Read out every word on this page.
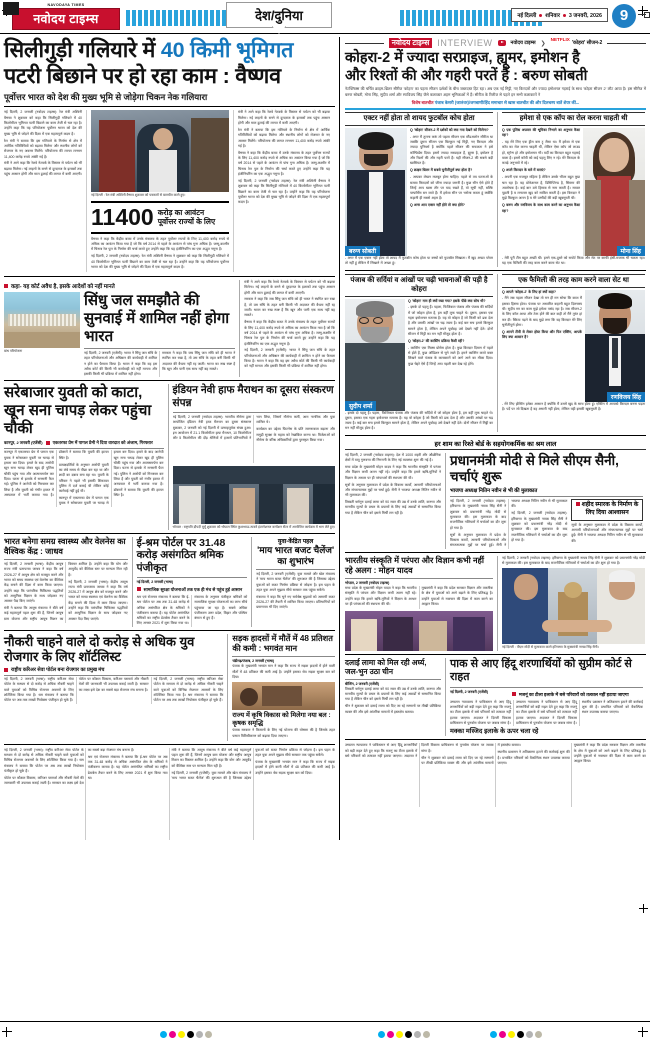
NAVODAYA TIMES
नवोदय टाइम्स	देश/दुनिया	नई दिल्ली शनिवार 3 जनवरी, 2026	9
सिलीगुड़ी गलियारे में 40 किमी भूमिगत
पटरी बिछाने पर हो रहा काम : वैष्णव
पूर्वोत्तर भारत को देश की मुख्य भूमि से जोड़ेगा चिकन नेक गलियारा

नई दिल्ली, 2 जनवरी (नवोदय टाइम्स): रेल मंत्री अश्विनी वैष्णव ने शुक्रवार को कहा कि सिलीगुड़ी गलियारे में 40 किलोमीटर भूमिगत पटरी बिछाने का काम तेजी से चल रहा है। उन्होंने कहा कि यह परियोजना पूर्वोत्तर भारत को देश की मुख्य भूमि से जोड़ने की दिशा में एक महत्वपूर्ण कदम है।

रेल मंत्री ने बताया कि इस गलियारे के निर्माण से क्षेत्र में आर्थिक गतिविधियों को बढ़ावा मिलेगा और स्थानीय लोगों को रोजगार के नए अवसर मिलेंगे। परियोजना की लागत लगभग 11,400 करोड़ रुपये आंकी गई है।

मंत्री ने आगे कहा कि रेलवे नेटवर्क के विस्तार से पर्यटन को भी बढ़ावा मिलेगा। नई लाइनों के बनने से दूरदराज के इलाकों तक पहुंच आसान होगी और माल ढुलाई की लागत में कमी आएगी।

नई दिल्ली : रेल मंत्री अश्विनी वैष्णव शुक्रवार को पत्रकारों से बातचीत करते हुए।
11400 करोड़ का आवंटन
पूर्वोत्तर राज्यों के लिए

वैष्णव ने कहा कि केंद्रीय बजट में उनके मंत्रालय के तहत पूर्वोत्तर राज्यों के लिए 11,400 करोड़ रुपये से अधिक का आवंटन किया गया है जो कि वर्ष 2014 से पहले के आवंटन से पांच गुना अधिक है। जम्मू-कश्मीर में चिनाब रेल पुल के निर्माण की चर्चा करते हुए उन्होंने कहा कि यह इंजीनियरिंग का एक अद्भुत नमूना है।

नई दिल्ली, 2 जनवरी (नवोदय टाइम्स): रेल मंत्री अश्विनी वैष्णव ने शुक्रवार को कहा कि सिलीगुड़ी गलियारे में 40 किलोमीटर भूमिगत पटरी बिछाने का काम तेजी से चल रहा है। उन्होंने कहा कि यह परियोजना पूर्वोत्तर भारत को देश की मुख्य भूमि से जोड़ने की दिशा में एक महत्वपूर्ण कदम है।

मंत्री ने आगे कहा कि रेलवे नेटवर्क के विस्तार से पर्यटन को भी बढ़ावा मिलेगा। नई लाइनों के बनने से दूरदराज के इलाकों तक पहुंच आसान होगी और माल ढुलाई की लागत में कमी आएगी।

रेल मंत्री ने बताया कि इस गलियारे के निर्माण से क्षेत्र में आर्थिक गतिविधियों को बढ़ावा मिलेगा और स्थानीय लोगों को रोजगार के नए अवसर मिलेंगे। परियोजना की लागत लगभग 11,400 करोड़ रुपये आंकी गई है।

वैष्णव ने कहा कि केंद्रीय बजट में उनके मंत्रालय के तहत पूर्वोत्तर राज्यों के लिए 11,400 करोड़ रुपये से अधिक का आवंटन किया गया है जो कि वर्ष 2014 से पहले के आवंटन से पांच गुना अधिक है। जम्मू-कश्मीर में चिनाब रेल पुल के निर्माण की चर्चा करते हुए उन्होंने कहा कि यह इंजीनियरिंग का एक अद्भुत नमूना है।

नई दिल्ली, 2 जनवरी (नवोदय टाइम्स): रेल मंत्री अश्विनी वैष्णव ने शुक्रवार को कहा कि सिलीगुड़ी गलियारे में 40 किलोमीटर भूमिगत पटरी बिछाने का काम तेजी से चल रहा है। उन्होंने कहा कि यह परियोजना पूर्वोत्तर भारत को देश की मुख्य भूमि से जोड़ने की दिशा में एक महत्वपूर्ण कदम है।

कहा- यह कोर्ट अवैध है, इसके आदेशों को नहीं मानते
बांध परियोजना
सिंधु जल समझौते की सुनवाई में शामिल नहीं होगा भारत

नई दिल्ली, 2 जनवरी (एजेंसी): भारत ने सिंधु जल संधि के तहत परियोजनाओं और अधिष्ठान की कार्यवाही में शामिल न होने का फैसला किया है। भारत ने कहा कि वह इस अवैध कोर्ट की किसी भी कार्यवाही को नहीं मानता और इसकी किसी भी प्रक्रिया में शामिल नहीं होगा।

सरकार ने कहा कि जब सिंधु जल संधि को ही भारत ने स्थगित कर रखा है, तो उस संधि के तहत बनी किसी भी अदालत की वैधता नहीं रह जाती। भारत का रुख स्पष्ट है कि खून और पानी एक साथ नहीं बह सकते।

मंत्री ने आगे कहा कि रेलवे नेटवर्क के विस्तार से पर्यटन को भी बढ़ावा मिलेगा। नई लाइनों के बनने से दूरदराज के इलाकों तक पहुंच आसान होगी और माल ढुलाई की लागत में कमी आएगी।

सरकार ने कहा कि जब सिंधु जल संधि को ही भारत ने स्थगित कर रखा है, तो उस संधि के तहत बनी किसी भी अदालत की वैधता नहीं रह जाती। भारत का रुख स्पष्ट है कि खून और पानी एक साथ नहीं बह सकते।

वैष्णव ने कहा कि केंद्रीय बजट में उनके मंत्रालय के तहत पूर्वोत्तर राज्यों के लिए 11,400 करोड़ रुपये से अधिक का आवंटन किया गया है जो कि वर्ष 2014 से पहले के आवंटन से पांच गुना अधिक है। जम्मू-कश्मीर में चिनाब रेल पुल के निर्माण की चर्चा करते हुए उन्होंने कहा कि यह इंजीनियरिंग का एक अद्भुत नमूना है।

नई दिल्ली, 2 जनवरी (एजेंसी): भारत ने सिंधु जल संधि के तहत परियोजनाओं और अधिष्ठान की कार्यवाही में शामिल न होने का फैसला किया है। भारत ने कहा कि वह इस अवैध कोर्ट की किसी भी कार्यवाही को नहीं मानता और इसकी किसी भी प्रक्रिया में शामिल नहीं होगा।

सरेबाजार युवती को काटा, खून सना चापड़ लेकर पहुंचा चौकी
कानपुर, 2 जनवरी (एजेंसी) एकतरफा प्रेम में पागल प्रेमी ने दिया वारदात को अंजाम, गिरफ्तार

कानपुर में एकतरफा प्रेम में पागल एक युवक ने सरेबाजार युवती पर चापड़ से हमला कर दिया। हमले के बाद आरोपी खून सना चापड़ लेकर खुद ही पुलिस चौकी पहुंच गया और आत्मसमर्पण कर दिया। घटना से इलाके में सनसनी फैल गई। पुलिस ने आरोपी को गिरफ्तार कर लिया है और युवती को गंभीर हालत में अस्पताल में भर्ती कराया गया है। डॉक्टरों ने बताया कि युवती की हालत स्थिर है।

प्रत्यक्षदर्शियों के अनुसार आरोपी युवती का लंबे समय से पीछा कर रहा था और शादी का दबाव बना रहा था। युवती के परिवार ने पहले भी इसकी शिकायत पुलिस में दर्ज कराई थी लेकिन कोई कार्रवाई नहीं हुई थी।

कानपुर में एकतरफा प्रेम में पागल एक युवक ने सरेबाजार युवती पर चापड़ से हमला कर दिया। हमले के बाद आरोपी खून सना चापड़ लेकर खुद ही पुलिस चौकी पहुंच गया और आत्मसमर्पण कर दिया। घटना से इलाके में सनसनी फैल गई। पुलिस ने आरोपी को गिरफ्तार कर लिया है और युवती को गंभीर हालत में अस्पताल में भर्ती कराया गया है। डॉक्टरों ने बताया कि युवती की हालत स्थिर है।

इंडियन नेवी हाफ मैराथन का दूसरा संस्करण संपन्न

नई दिल्ली, 2 जनवरी (नवोदय टाइम्स): भारतीय नौसेना द्वारा आयोजित इंडियन नेवी हाफ मैराथन का दूसरा संस्करण शुक्रवार, 2 जनवरी को नई दिल्ली में उत्साहपूर्वक संपन्न हुआ। इस आयोजन में 21.1 किलोमीटर हाफ मैराथन, 10 किलोमीटर और 5 किलोमीटर की दौड़ श्रेणियों में हजारों प्रतिभागियों ने भाग लिया, जिसमें नौसेना कर्मी, आम नागरिक और युवा शामिल थे।

कार्यक्रम का उद्देश्य फिटनेस के प्रति जागरूकता बढ़ाना और समुद्री सुरक्षा के महत्व को रेखांकित करना था। विजेताओं को नौसेना के वरिष्ठ अधिकारियों द्वारा पुरस्कृत किया गया।

भोपाल : राष्ट्रपति द्रौपदी मुर्मू शुक्रवार को भोपाल स्थित कुशाभाऊ ठाकरे इंटरनेशनल कन्वेंशन सेंटर में आयोजित कार्यक्रम में भाग लेते हुए।
भारत बनेगा समग्र स्वास्थ्य और वेलनेस का वैश्विक केंद्र : जाधव

नई दिल्ली, 2 जनवरी (भाषा): केंद्रीय आयुष राज्य मंत्री प्रतापराव जाधव ने कहा कि वर्ष 2026-27 में आयुष क्षेत्र को मजबूत करने और भारत को समग्र स्वास्थ्य एवं वेलनेस का वैश्विक केंद्र बनाने की दिशा में काम किया जाएगा। उन्होंने कहा कि पारंपरिक चिकित्सा पद्धतियों को आधुनिक विज्ञान के साथ जोड़कर नए अवसर पैदा किए जाएंगे।

मंत्री ने बताया कि आयुष मंत्रालय ने बीते वर्ष कई महत्वपूर्ण पहल शुरू की हैं, जिनमें आयुष ग्राम योजना और राष्ट्रीय आयुष मिशन का विस्तार शामिल है। उन्होंने कहा कि योग और आयुर्वेद को वैश्विक स्तर पर मान्यता मिल रही है।

नई दिल्ली, 2 जनवरी (भाषा): केंद्रीय आयुष राज्य मंत्री प्रतापराव जाधव ने कहा कि वर्ष 2026-27 में आयुष क्षेत्र को मजबूत करने और भारत को समग्र स्वास्थ्य एवं वेलनेस का वैश्विक केंद्र बनाने की दिशा में काम किया जाएगा। उन्होंने कहा कि पारंपरिक चिकित्सा पद्धतियों को आधुनिक विज्ञान के साथ जोड़कर नए अवसर पैदा किए जाएंगे।

ई-श्रम पोर्टल पर 31.48 करोड़ असंगठित श्रमिक पंजीकृत
नई दिल्ली, 2 जनवरी (भाषा)
सामाजिक सुरक्षा योजनाओं तक एक ही मंच से पहुंच हुई आसान

श्रम एवं रोजगार मंत्रालय ने बताया कि ई-श्रम पोर्टल पर अब तक 31.48 करोड़ से अधिक असंगठित क्षेत्र के श्रमिकों ने पंजीकरण कराया है। यह पोर्टल असंगठित श्रमिकों का राष्ट्रीय डेटाबेस तैयार करने के लिए अगस्त 2021 में शुरू किया गया था।

मंत्रालय के अनुसार पंजीकृत श्रमिकों को सामाजिक सुरक्षा योजनाओं का लाभ सीधे पहुंचाया जा रहा है। सबसे अधिक पंजीकरण उत्तर प्रदेश, बिहार और पश्चिम बंगाल से हुए हैं।

युवा-केंद्रित पहल
'माय भारत बजट चैलेंज' का शुभारंभ

नई दिल्ली, 2 जनवरी (एजेंसी): युवा मामले और खेल मंत्रालय ने 'माय भारत बजट चैलेंज' की शुरुआत की है जिसका उद्देश्य युवाओं को बजट निर्माण प्रक्रिया से जोड़ना है। इस पहल के तहत युवा अपने सुझाव सीधे सरकार तक पहुंचा सकेंगे।

मंत्रालय ने कहा कि चुने गए सर्वश्रेष्ठ सुझावों को आगामी बजट 2026-27 की तैयारी में शामिल किया जाएगा। प्रतिभागियों को प्रमाणपत्र भी दिए जाएंगे।

नौकरी चाहने वाले दो करोड़ से अधिक युव रोजगार के लिए शॉर्टलिस्ट
राष्ट्रीय करिअर सेवा पोर्टल बना रोजगार का प्रमुख मंच

नई दिल्ली, 2 जनवरी (भाषा): राष्ट्रीय करिअर सेवा पोर्टल के माध्यम से दो करोड़ से अधिक नौकरी चाहने वाले युवाओं को विभिन्न रोजगार अवसरों के लिए शॉर्टलिस्ट किया गया है। श्रम मंत्रालय ने बताया कि पोर्टल पर अब तक लाखों नियोक्ता पंजीकृत हो चुके हैं।

पोर्टल पर कौशल विकास, करिअर परामर्श और नौकरी मेलों की जानकारी भी उपलब्ध कराई जाती है। सरकार का लक्ष्य इसे देश का सबसे बड़ा रोजगार मंच बनाना है।

नई दिल्ली, 2 जनवरी (भाषा): राष्ट्रीय करिअर सेवा पोर्टल के माध्यम से दो करोड़ से अधिक नौकरी चाहने वाले युवाओं को विभिन्न रोजगार अवसरों के लिए शॉर्टलिस्ट किया गया है। श्रम मंत्रालय ने बताया कि पोर्टल पर अब तक लाखों नियोक्ता पंजीकृत हो चुके हैं।

सड़क हादसों में मौतें में 48 प्रतिशत की कमी : भगवंत मान
चंडीगढ़/पंजाब, 2 जनवरी (भाषा)

पंजाब के मुख्यमंत्री भगवंत मान ने कहा कि राज्य में सड़क हादसों में होने वाली मौतों में 48 प्रतिशत की कमी आई है। उन्होंने इसका श्रेय सड़क सुरक्षा बल को दिया।

राज्य में कृषि विकास को मिलेगा नया बल : कृषक समृद्धि

पंजाब सरकार ने किसानों के लिए नई योजना की घोषणा की है जिसके तहत फसल विविधीकरण को बढ़ावा दिया जाएगा।

नई दिल्ली, 2 जनवरी (भाषा): राष्ट्रीय करिअर सेवा पोर्टल के माध्यम से दो करोड़ से अधिक नौकरी चाहने वाले युवाओं को विभिन्न रोजगार अवसरों के लिए शॉर्टलिस्ट किया गया है। श्रम मंत्रालय ने बताया कि पोर्टल पर अब तक लाखों नियोक्ता पंजीकृत हो चुके हैं।

पोर्टल पर कौशल विकास, करिअर परामर्श और नौकरी मेलों की जानकारी भी उपलब्ध कराई जाती है। सरकार का लक्ष्य इसे देश का सबसे बड़ा रोजगार मंच बनाना है।

श्रम एवं रोजगार मंत्रालय ने बताया कि ई-श्रम पोर्टल पर अब तक 31.48 करोड़ से अधिक असंगठित क्षेत्र के श्रमिकों ने पंजीकरण कराया है। यह पोर्टल असंगठित श्रमिकों का राष्ट्रीय डेटाबेस तैयार करने के लिए अगस्त 2021 में शुरू किया गया था।

मंत्री ने बताया कि आयुष मंत्रालय ने बीते वर्ष कई महत्वपूर्ण पहल शुरू की हैं, जिनमें आयुष ग्राम योजना और राष्ट्रीय आयुष मिशन का विस्तार शामिल है। उन्होंने कहा कि योग और आयुर्वेद को वैश्विक स्तर पर मान्यता मिल रही है।

नई दिल्ली, 2 जनवरी (एजेंसी): युवा मामले और खेल मंत्रालय ने 'माय भारत बजट चैलेंज' की शुरुआत की है जिसका उद्देश्य युवाओं को बजट निर्माण प्रक्रिया से जोड़ना है। इस पहल के तहत युवा अपने सुझाव सीधे सरकार तक पहुंचा सकेंगे।

पंजाब के मुख्यमंत्री भगवंत मान ने कहा कि राज्य में सड़क हादसों में होने वाली मौतों में 48 प्रतिशत की कमी आई है। उन्होंने इसका श्रेय सड़क सुरक्षा बल को दिया।

नवोदय टाइम्स INTERVIEW	नवोदय टाइम्स ❯
NETFLIX
'कोहरा' सीजन-2
कोहरा-2 में ज्यादा सरप्राइज, ह्यूमर, इमोशन है
और रिश्तों की और गहरी परतें हैं : बरुण सोबती
नेटफ्लिक्स की चर्चित क्राइम-थ्रिलर सीरीज 'कोहरा' का पहला सीजन दर्शकों के बीच जबरदस्त हिट रहा। अब एक नई मिट्टी, नए किरदारों और ज्यादा इमोशनल गहराई के साथ 'कोहरा सीजन 2' लौट आया है। इस सीरीज में बरुण सोबती, मोना सिंह, सुदीप शर्मा और रणविजय सिंह जैसे कलाकार अहम भूमिकाओं में हैं। सीरीज के रिलीज से पहले इन सभी कलाकारों ने
विशेष बातचीत पंजाब केसरी (जालंधर)/जगबाणी/हिंद समाचार से खास बातचीत की और दिलचस्प बातें शेयर कीं...
एक्टर नहीं होता तो शायद फुटबॉल कोच होता
बरुण सोबती

Q 'कोहरा' सीजन-2 में दर्शकों को क्या नया देखने को मिलेगा?

- अगर मैं तुलना करूं तो पहला सीजन एक स्टैंडअलोन सीरीज था जबकि दूसरा सीजन एक बिल्कुल नई मिट्टी, नए किरदार और ज्यादा युनिवर्स है क्योंकि पहले सीजन की सफलता ने इसे कॉन्फिडेंस दिया। इसमें ज्यादा सरप्राइज हैं, ह्यूमर है, इमोशन है और रिश्तों की और गहरी परतें हैं। यही सीजन-2 की सबसे बड़ी खासियत है।

Q क्राइम थ्रिलर में सबसे चुनौतीपूर्ण क्या होता है?

- आपका लेखन मजबूत होना चाहिए। पहले से तय घटनाओं के बजाय किरदारों को जीना ज्यादा जरूरी है। कुछ सीन ऐसे होते हैं जिन्हें आप खास तौर पर याद रखते हैं, वो सूची नहीं, बल्कि परफॉर्मेंस बन जाते हैं। मैं हमेशा सीन पर भरोसा करता हूं क्योंकि कहानी ही सबसे अहम है।

Q अगर आप एक्टर नहीं होते तो क्या होते?

- अगर मैं एक एक्टर नहीं होता तो शायद मैं फुटबॉल कोच होता या बच्चों को फुटबॉल सिखाता। मैं खुद अच्छा प्लेयर तो नहीं हूं लेकिन मैं सिखाने में अच्छा हूं।
हमेशा से एक कॉप का रोल करना चाहती थी

Q एक पुलिस अफसर की भूमिका निभाने का अनुभव कैसा रहा?

- यह मेरे लिए एक ड्रीम कम ट्रू जैसा था। मैं हमेशा से एक कॉप का रोल करना चाहती थी, लेकिन ऐसा कॉप जो लाउड हो, स्ट्रॉन्ग हो और इमोशनल भी। वर्दी का किरदार बहुत गहराई वाला है। इसमें कॉपी को कई पहलू लिए न रहे। मेरे किरदार के कपड़े अनुभवों में रहे।

Q अपने किरदार के बारे में बताएं?

- अपनी एक मजबूत महिला है लेकिन उसके भीतर बहुत कुछ चल रहा है। वह प्रोफेशनल है, डिसिप्लिन्ड है, सिस्टम की आलोचक है। कई बार उसे हिसाब से नाम करती है। सवाल पूछती है व लगातार खुद को साबित करती है। इस किरदार ने मुझे बिल्कुल अलग है व मेरे उम्मीदों की बड़ी खूबसूरती थी।

Q बरुण और रणविजय के साथ काम करने का अनुभव कैसा रहा?

मोना सिंह
- मेरी पूरी टीम बहुत अच्छी थी। हमने एक-दूसरे को सपोर्ट किया और सेट पर काफी हंसी-मजाक भी चलता रहा। यह एक फैमिली की तरह काम करने वाला सेट था।
पंजाब की सर्दियां व आंखों पर चढ़ी भावनाओं की पड़ी है कोहरा
सुदीप शर्मा

Q 'कोहरा' नाम ही क्यों रखा गया? इसके पीछे क्या सोच थी?

- इसके दो पहलू हैं। पहला, फिजिकल पंजाब और पंजाब की सर्दियों में जो कोहरा होता है, हम वहीं लुक चाहते थे। दूसरा, इसका एक गहरा इमोशनल मतलब है। यह वो कोहरा है जो किसी को ढक देता है और उसकी आंखों पर चढ़ जाता है। कई बार सच हमारे बिल्कुल सामने होता है, लेकिन अपने पूर्वाग्रह उसे देखने नहीं देते। दोनों सीजन में मिट्टी का मन नहीं मौजूद होता है।

Q 'कोहरा-2' की कास्टिंग प्रक्रिया कैसी रही?

- कास्टिंग एक मिक्स प्रोसेस होता है। कुछ किरदार दिमाग में पहले से होते हैं, कुछ ऑडिशन से चुने जाते हैं। हमने कास्टिंग करते वक्त लिखने वाले पंजाब के कलाकारों को आगे आने का मौका दिया। कुछ चेहरे ऐसे हैं जिन्हें आप पहली बार देख रहे होंगे।

- इसके दो पहलू हैं। पहला, फिजिकल पंजाब और पंजाब की सर्दियों में जो कोहरा होता है, हम वहीं लुक चाहते थे। दूसरा, इसका एक गहरा इमोशनल मतलब है। यह वो कोहरा है जो किसी को ढक देता है और उसकी आंखों पर चढ़ जाता है। कई बार सच हमारे बिल्कुल सामने होता है, लेकिन अपने पूर्वाग्रह उसे देखने नहीं देते। दोनों सीजन में मिट्टी का मन नहीं मौजूद होता है।
एक फैमिली की तरह काम करने वाला सेट था

Q आपने 'कोहरा-2' के लिए हां क्यों कहा?

- मैंने जब पहला सीजन देखा तो मन ही मन सोचा कि काश मैं इसका हिस्सा होता। पंजाब पर आधारित कहानी बहुत दिलचस्प थी। सुदीप सर का काम मुझे हमेशा पसंद रहा है। जब सीजन-2 के लिए कॉल आया और टेस्ट होने की बात कही तो मैंने तुरंत हां कर दी। स्क्रिप्ट पढ़ने के बाद मुझे लगा कि यह किरदार मेरे लिए चुनौतीपूर्ण होगा।

Q आपने टीवी से लेकर होस्ट किया और फिर एक्टिंग, आपके लिए क्या आसान है?

रणविजय सिंह
- मेरे लिए होस्टिंग हमेशा आसान है क्योंकि मैं उसमें खुद के साथ होता हूं। एक्टिंग में आपको किरदार बनना पड़ता है। पर्दे पर जो दिखता है वह असली नहीं होता, लेकिन यही इसकी खूबसूरती है।
हर शाम का रिश्ते बोर्ड के सहयोगकर्मिक का श्रम लाल

नई दिल्ली, 2 जनवरी (नवोदय टाइम्स): देश में 1000 शहरी और औद्योगिक क्षेत्रों में वायु गुणवत्ता की निगरानी के लिए नई व्यवस्था शुरू की गई है।

मध्य प्रदेश के मुख्यमंत्री मोहन यादव ने कहा कि भारतीय संस्कृति में परंपरा और विज्ञान कभी अलग नहीं रहे। उन्होंने कहा कि हमारे ऋषि-मुनियों ने विज्ञान के आधार पर ही परंपराओं की स्थापना की थी।

सूत्रों के अनुसार मुलाकात में प्रदेश के विकास कार्यों, आगामी परियोजनाओं और संगठनात्मक मुद्दों पर चर्चा हुई। सैनी ने भाजपा अध्यक्ष नितिन नवीन से भी मुलाकात की।

तिब्बती धर्मगुरु दलाई लामा को 90 साल की उम्र में उनके शांति, करुणा और मानवीय मूल्यों के प्रचार के प्रयासों के लिए कई अवार्डों से सम्मानित किया गया है लेकिन चीन को इससे मिर्ची लग रही है।

प्रधानमंत्री मोदी से मिले सीएम सैनी, चर्चाएं शुरू
भाजपा अध्यक्ष नितिन नवीन से भी की मुलाकात

नई दिल्ली, 2 जनवरी (नवोदय टाइम्स): हरियाणा के मुख्यमंत्री नायब सिंह सैनी ने शुक्रवार को प्रधानमंत्री नरेंद्र मोदी से मुलाकात की। इस मुलाकात के बाद राजनीतिक गलियारों में चर्चाओं का दौर शुरू हो गया है।

सूत्रों के अनुसार मुलाकात में प्रदेश के विकास कार्यों, आगामी परियोजनाओं और संगठनात्मक मुद्दों पर चर्चा हुई। सैनी ने भाजपा अध्यक्ष नितिन नवीन से भी मुलाकात की।

नई दिल्ली, 2 जनवरी (नवोदय टाइम्स): हरियाणा के मुख्यमंत्री नायब सिंह सैनी ने शुक्रवार को प्रधानमंत्री नरेंद्र मोदी से मुलाकात की। इस मुलाकात के बाद राजनीतिक गलियारों में चर्चाओं का दौर शुरू हो गया है।

शहीद स्मारक के निर्माण के लिए दिया आश्वासन

सूत्रों के अनुसार मुलाकात में प्रदेश के विकास कार्यों, आगामी परियोजनाओं और संगठनात्मक मुद्दों पर चर्चा हुई। सैनी ने भाजपा अध्यक्ष नितिन नवीन से भी मुलाकात की।

भारतीय संस्कृति में परंपरा और विज्ञान कभी नहीं रहे अलग : मोहन यादव
भोपाल, 2 जनवरी (नवोदय टाइम्स)

मध्य प्रदेश के मुख्यमंत्री मोहन यादव ने कहा कि भारतीय संस्कृति में परंपरा और विज्ञान कभी अलग नहीं रहे। उन्होंने कहा कि हमारे ऋषि-मुनियों ने विज्ञान के आधार पर ही परंपराओं की स्थापना की थी।

मुख्यमंत्री ने कहा कि प्रदेश सरकार विज्ञान और तकनीक के क्षेत्र में युवाओं को आगे बढ़ाने के लिए प्रतिबद्ध है। उन्होंने युवाओं से नवाचार की दिशा में काम करने का आह्वान किया।

नई दिल्ली, 2 जनवरी (नवोदय टाइम्स): हरियाणा के मुख्यमंत्री नायब सिंह सैनी ने शुक्रवार को प्रधानमंत्री नरेंद्र मोदी से मुलाकात की। इस मुलाकात के बाद राजनीतिक गलियारों में चर्चाओं का दौर शुरू हो गया है।

नई दिल्ली : पीएम मोदी से मुलाकात करते हरियाणा के मुख्यमंत्री नायब सिंह सैनी।
दलाई लामा को मिल रही अर्घ्य, जल-भुन उठा चीन
बीजिंग, 2 जनवरी (एजेंसी)

तिब्बती धर्मगुरु दलाई लामा को 90 साल की उम्र में उनके शांति, करुणा और मानवीय मूल्यों के प्रचार के प्रयासों के लिए कई अवार्डों से सम्मानित किया गया है लेकिन चीन को इससे मिर्ची लग रही है।

चीन ने शुक्रवार को दलाई लामा को दिए जा रहे सम्मानों पर तीखी प्रतिक्रिया व्यक्त की और इसे आंतरिक मामलों में हस्तक्षेप बताया।

पाक से आए हिंदू शरणार्थियों को सुप्रीम कोर्ट से राहत
नई दिल्ली, 2 जनवरी (एजेंसी)	मजनूं का टीला इलाके में बसे परिवारों को तत्काल नहीं हटाया जाएगा

उच्चतम न्यायालय ने पाकिस्तान से आए हिंदू शरणार्थियों को बड़ी राहत देते हुए कहा कि मजनूं का टीला इलाके में बसे परिवारों को तत्काल नहीं हटाया जाएगा। अदालत ने दिल्ली विकास प्राधिकरण से पुनर्वास योजना पर जवाब मांगा है।

उच्चतम न्यायालय ने पाकिस्तान से आए हिंदू शरणार्थियों को बड़ी राहत देते हुए कहा कि मजनूं का टीला इलाके में बसे परिवारों को तत्काल नहीं हटाया जाएगा। अदालत ने दिल्ली विकास प्राधिकरण से पुनर्वास योजना पर जवाब मांगा है।

स्थानीय प्रशासन ने अतिक्रमण हटाने की कार्रवाई शुरू की है। प्रभावित परिवारों को वैकल्पिक स्थान उपलब्ध कराया जाएगा।

मक्का मस्जिद इलाके के ऊपर चला रहे

उच्चतम न्यायालय ने पाकिस्तान से आए हिंदू शरणार्थियों को बड़ी राहत देते हुए कहा कि मजनूं का टीला इलाके में बसे परिवारों को तत्काल नहीं हटाया जाएगा। अदालत ने दिल्ली विकास प्राधिकरण से पुनर्वास योजना पर जवाब मांगा है।

चीन ने शुक्रवार को दलाई लामा को दिए जा रहे सम्मानों पर तीखी प्रतिक्रिया व्यक्त की और इसे आंतरिक मामलों में हस्तक्षेप बताया।

स्थानीय प्रशासन ने अतिक्रमण हटाने की कार्रवाई शुरू की है। प्रभावित परिवारों को वैकल्पिक स्थान उपलब्ध कराया जाएगा।

मुख्यमंत्री ने कहा कि प्रदेश सरकार विज्ञान और तकनीक के क्षेत्र में युवाओं को आगे बढ़ाने के लिए प्रतिबद्ध है। उन्होंने युवाओं से नवाचार की दिशा में काम करने का आह्वान किया।
